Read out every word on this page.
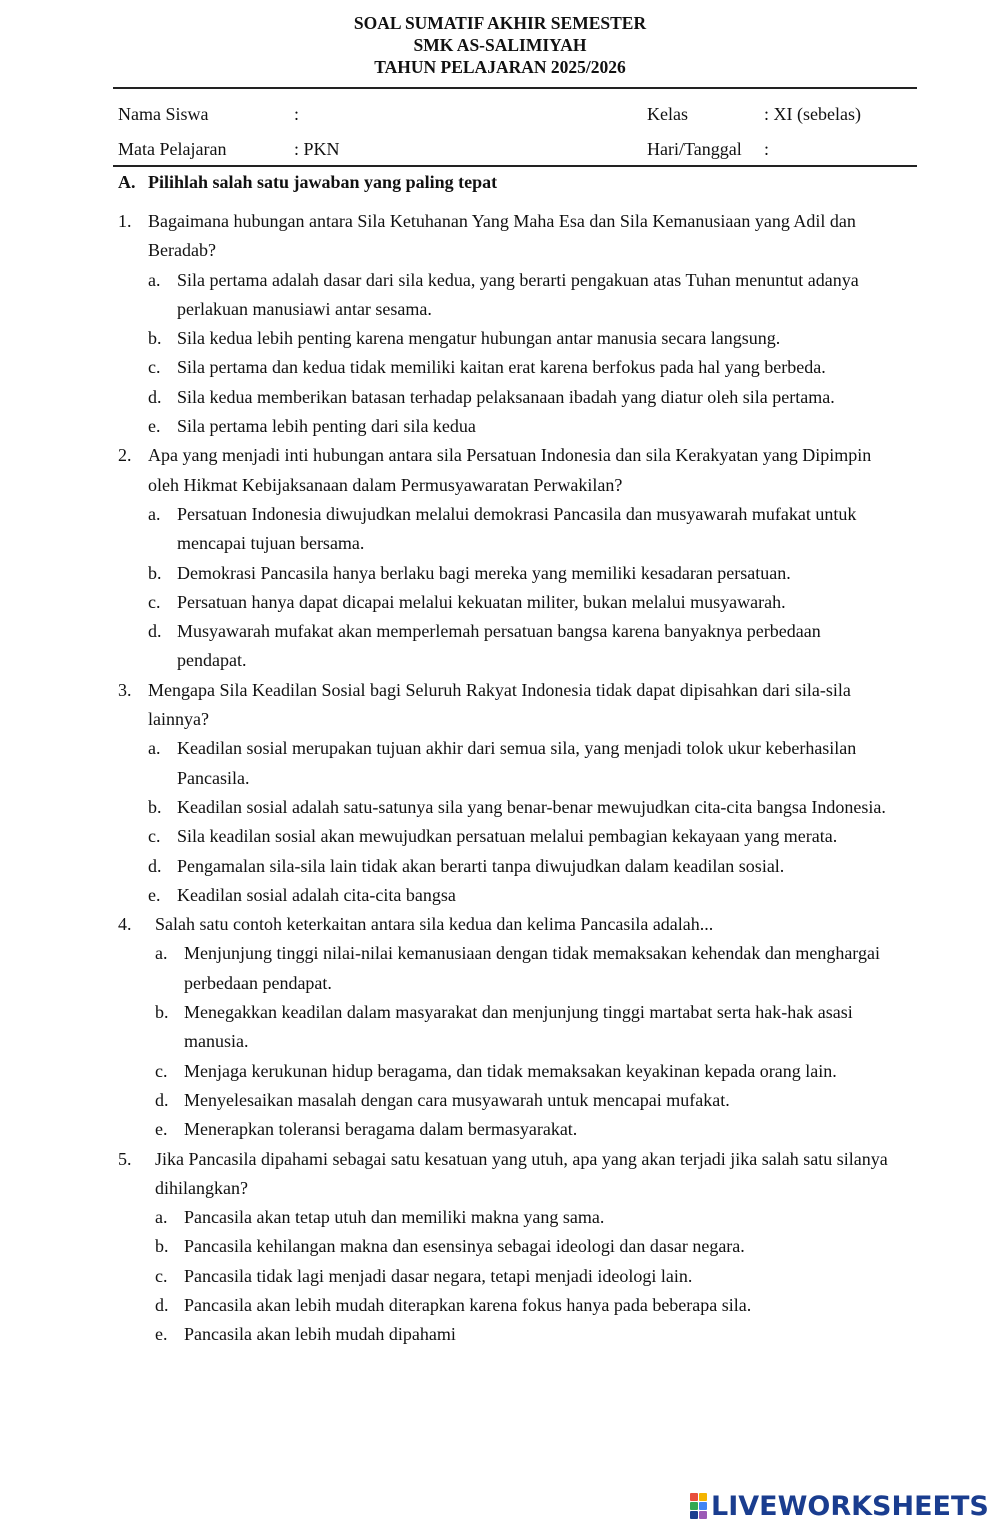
SOAL SUMATIF AKHIR SEMESTER
SMK AS-SALIMIYAH
TAHUN PELAJARAN 2025/2026
Nama Siswa	:	Kelas	: XI (sebelas)
Mata Pelajaran	: PKN	Hari/Tanggal :
A. Pilihlah salah satu jawaban yang paling tepat
1. Bagaimana hubungan antara Sila Ketuhanan Yang Maha Esa dan Sila Kemanusiaan yang Adil dan Beradab?
a. Sila pertama adalah dasar dari sila kedua, yang berarti pengakuan atas Tuhan menuntut adanya perlakuan manusiawi antar sesama.
b. Sila kedua lebih penting karena mengatur hubungan antar manusia secara langsung.
c. Sila pertama dan kedua tidak memiliki kaitan erat karena berfokus pada hal yang berbeda.
d. Sila kedua memberikan batasan terhadap pelaksanaan ibadah yang diatur oleh sila pertama.
e. Sila pertama lebih penting dari sila kedua
2. Apa yang menjadi inti hubungan antara sila Persatuan Indonesia dan sila Kerakyatan yang Dipimpin oleh Hikmat Kebijaksanaan dalam Permusyawaratan Perwakilan?
a. Persatuan Indonesia diwujudkan melalui demokrasi Pancasila dan musyawarah mufakat untuk mencapai tujuan bersama.
b. Demokrasi Pancasila hanya berlaku bagi mereka yang memiliki kesadaran persatuan.
c. Persatuan hanya dapat dicapai melalui kekuatan militer, bukan melalui musyawarah.
d. Musyawarah mufakat akan memperlemah persatuan bangsa karena banyaknya perbedaan pendapat.
3. Mengapa Sila Keadilan Sosial bagi Seluruh Rakyat Indonesia tidak dapat dipisahkan dari sila-sila lainnya?
a. Keadilan sosial merupakan tujuan akhir dari semua sila, yang menjadi tolok ukur keberhasilan Pancasila.
b. Keadilan sosial adalah satu-satunya sila yang benar-benar mewujudkan cita-cita bangsa Indonesia.
c. Sila keadilan sosial akan mewujudkan persatuan melalui pembagian kekayaan yang merata.
d. Pengamalan sila-sila lain tidak akan berarti tanpa diwujudkan dalam keadilan sosial.
e. Keadilan sosial adalah cita-cita bangsa
4.	Salah satu contoh keterkaitan antara sila kedua dan kelima Pancasila adalah...
a. Menjunjung tinggi nilai-nilai kemanusiaan dengan tidak memaksakan kehendak dan menghargai perbedaan pendapat.
b. Menegakkan keadilan dalam masyarakat dan menjunjung tinggi martabat serta hak-hak asasi manusia.
c. Menjaga kerukunan hidup beragama, dan tidak memaksakan keyakinan kepada orang lain.
d. Menyelesaikan masalah dengan cara musyawarah untuk mencapai mufakat.
e. Menerapkan toleransi beragama dalam bermasyarakat.
5.	Jika Pancasila dipahami sebagai satu kesatuan yang utuh, apa yang akan terjadi jika salah satu silanya dihilangkan?
a. Pancasila akan tetap utuh dan memiliki makna yang sama.
b. Pancasila kehilangan makna dan esensinya sebagai ideologi dan dasar negara.
c. Pancasila tidak lagi menjadi dasar negara, tetapi menjadi ideologi lain.
d. Pancasila akan lebih mudah diterapkan karena fokus hanya pada beberapa sila.
e. Pancasila akan lebih mudah dipahami
LIVEWORKSHEETS
